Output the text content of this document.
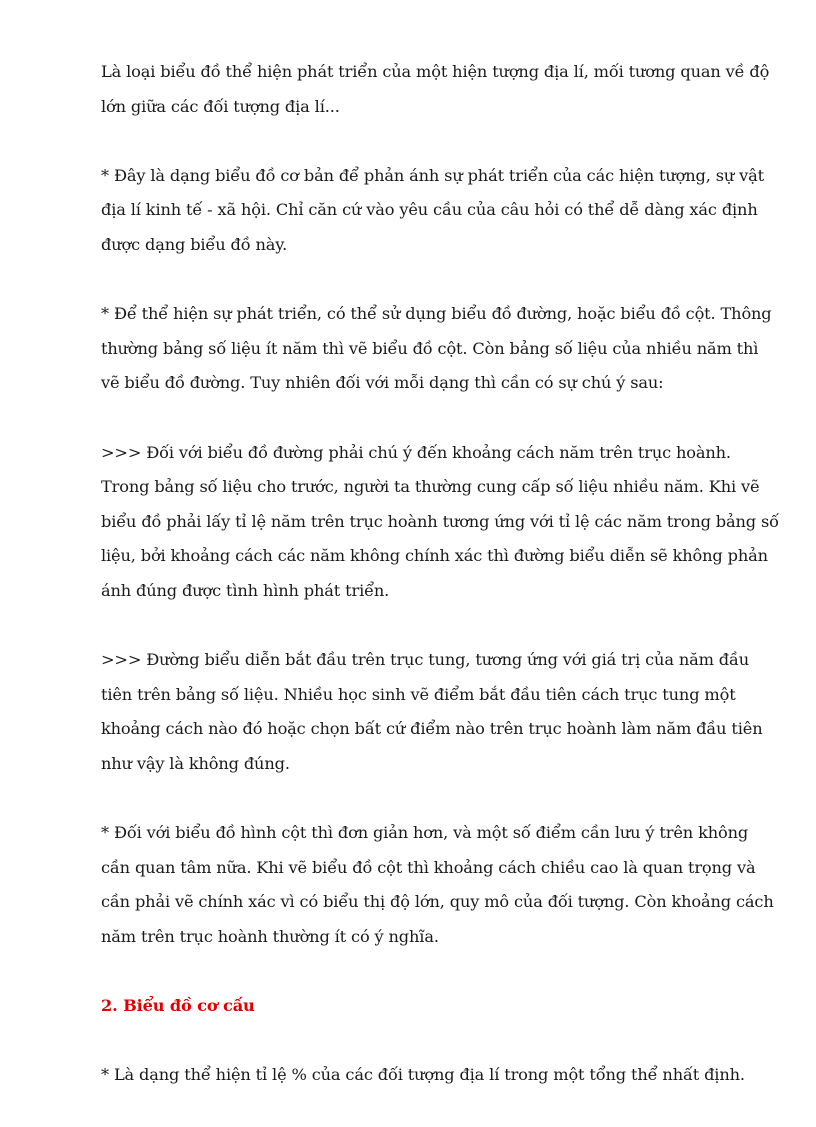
Là loại biểu đồ thể hiện phát triển của một hiện tượng địa lí, mối tương quan về độ lớn giữa các đối tượng địa lí...

* Đây là dạng biểu đồ cơ bản để phản ánh sự phát triển của các hiện tượng, sự vật địa lí kinh tế - xã hội. Chỉ căn cứ vào yêu cầu của câu hỏi có thể dễ dàng xác định được dạng biểu đồ này.

* Để thể hiện sự phát triển, có thể sử dụng biểu đồ đường, hoặc biểu đồ cột. Thông thường bảng số liệu ít năm thì vẽ biểu đồ cột. Còn bảng số liệu của nhiều năm thì vẽ biểu đồ đường. Tuy nhiên đối với mỗi dạng thì cần có sự chú ý sau:

>>> Đối với biểu đồ đường phải chú ý đến khoảng cách năm trên trục hoành. Trong bảng số liệu cho trước, người ta thường cung cấp số liệu nhiều năm. Khi vẽ biểu đồ phải lấy tỉ lệ năm trên trục hoành tương ứng với tỉ lệ các năm trong bảng số liệu, bởi khoảng cách các năm không chính xác thì đường biểu diễn sẽ không phản ánh đúng được tình hình phát triển.

>>> Đường biểu diễn bắt đầu trên trục tung, tương ứng với giá trị của năm đầu tiên trên bảng số liệu. Nhiều học sinh vẽ điểm bắt đầu tiên cách trục tung một khoảng cách nào đó hoặc chọn bất cứ điểm nào trên trục hoành làm năm đầu tiên như vậy là không đúng.

* Đối với biểu đồ hình cột thì đơn giản hơn, và một số điểm cần lưu ý trên không cần quan tâm nữa. Khi vẽ biểu đồ cột thì khoảng cách chiều cao là quan trọng và cần phải vẽ chính xác vì có biểu thị độ lớn, quy mô của đối tượng. Còn khoảng cách năm trên trục hoành thường ít có ý nghĩa.

2. Biểu đồ cơ cấu

* Là dạng thể hiện tỉ lệ % của các đối tượng địa lí trong một tổng thể nhất định.
